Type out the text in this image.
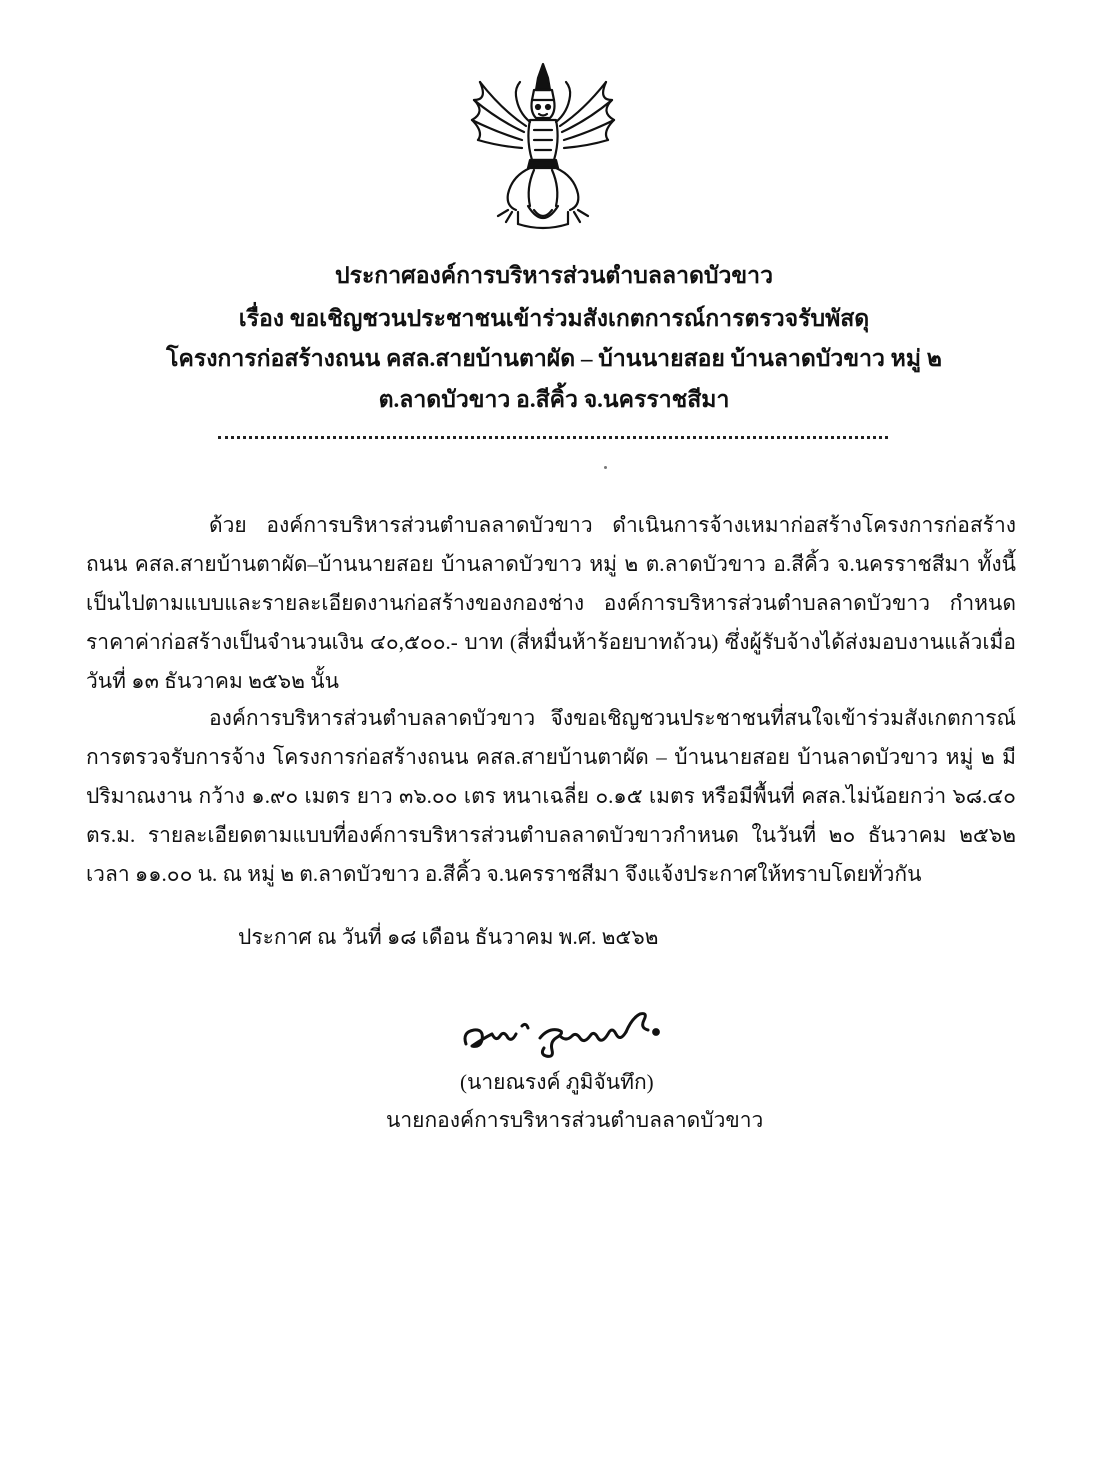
ประกาศองค์การบริหารส่วนตำบลลาดบัวขาว
เรื่อง ขอเชิญชวนประชาชนเข้าร่วมสังเกตการณ์การตรวจรับพัสดุ
โครงการก่อสร้างถนน คสล.สายบ้านตาผัด – บ้านนายสอย บ้านลาดบัวขาว หมู่ ๒
ต.ลาดบัวขาว อ.สีคิ้ว จ.นครราชสีมา
ด้วย องค์การบริหารส่วนตำบลลาดบัวขาว ดำเนินการจ้างเหมาก่อสร้างโครงการก่อสร้างถนน คสล.สายบ้านตาผัด–บ้านนายสอย บ้านลาดบัวขาว หมู่ ๒ ต.ลาดบัวขาว อ.สีคิ้ว จ.นครราชสีมา ทั้งนี้ เป็นไปตามแบบและรายละเอียดงานก่อสร้างของกองช่าง องค์การบริหารส่วนตำบลลาดบัวขาว กำหนดราคาค่าก่อสร้างเป็นจำนวนเงิน ๔๐,๕๐๐.- บาท (สี่หมื่นห้าร้อยบาทถ้วน) ซึ่งผู้รับจ้างได้ส่งมอบงานแล้วเมื่อวันที่ ๑๓ ธันวาคม ๒๕๖๒ นั้น
องค์การบริหารส่วนตำบลลาดบัวขาว จึงขอเชิญชวนประชาชนที่สนใจเข้าร่วมสังเกตการณ์การตรวจรับการจ้าง โครงการก่อสร้างถนน คสล.สายบ้านตาผัด – บ้านนายสอย บ้านลาดบัวขาว หมู่ ๒ มีปริมาณงาน กว้าง ๑.๙๐ เมตร ยาว ๓๖.๐๐ เตร หนาเฉลี่ย ๐.๑๕ เมตร หรือมีพื้นที่ คสล.ไม่น้อยกว่า ๖๘.๔๐ ตร.ม. รายละเอียดตามแบบที่องค์การบริหารส่วนตำบลลาดบัวขาวกำหนด ในวันที่ ๒๐ ธันวาคม ๒๕๖๒ เวลา ๑๑.๐๐ น. ณ หมู่ ๒ ต.ลาดบัวขาว อ.สีคิ้ว จ.นครราชสีมา จึงแจ้งประกาศให้ทราบโดยทั่วกัน
ประกาศ ณ วันที่ ๑๘ เดือน ธันวาคม พ.ศ. ๒๕๖๒
(นายณรงค์ ภูมิจันทึก)
นายกองค์การบริหารส่วนตำบลลาดบัวขาว
